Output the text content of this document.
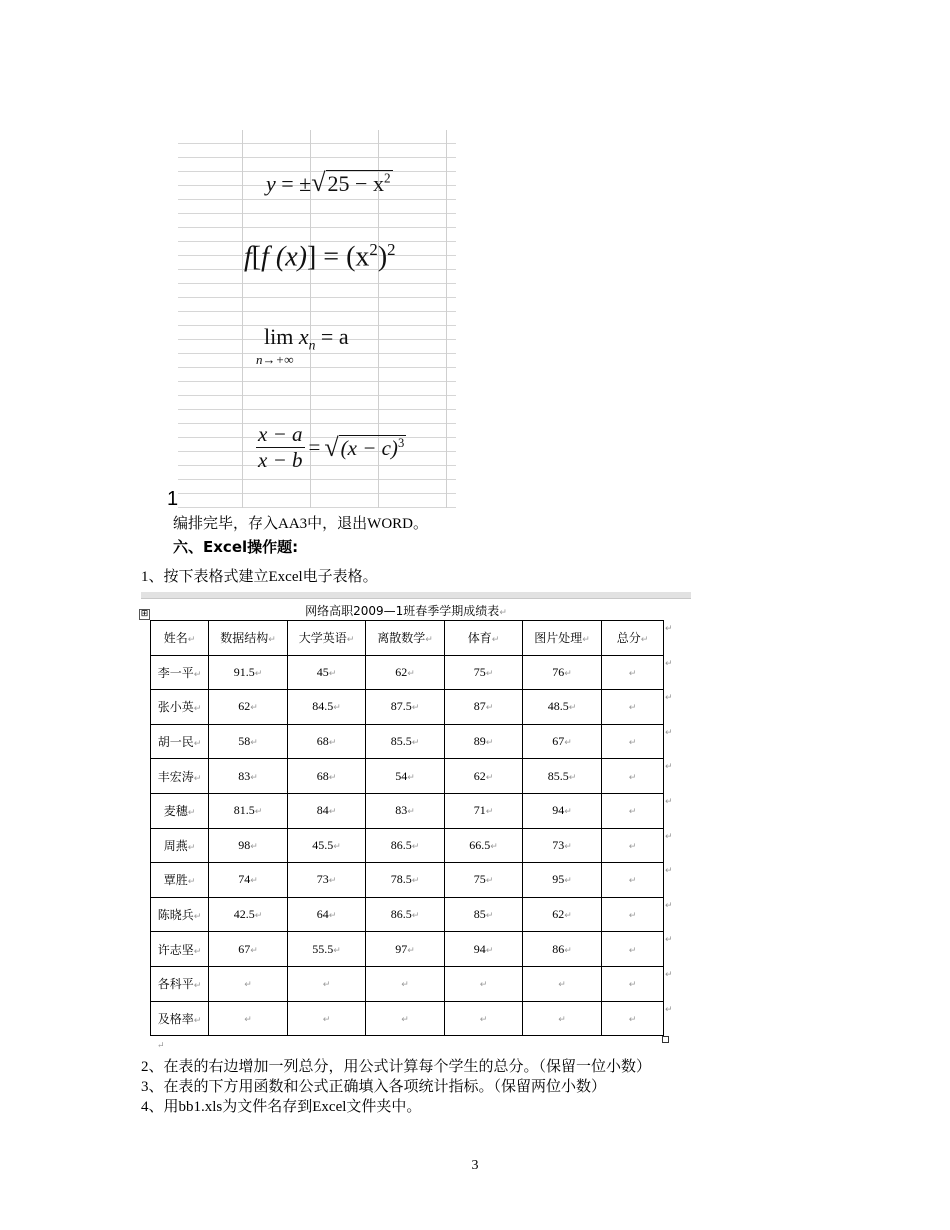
$y = \pm√25 - x^2$
f[f $(x)] = (x^2)^2$
$\lim x_n = a$
n→+∞
$\frac{x - a}{x - b}$ = √ $(x - c)^3$
1
编排完毕，存入AA3中，退出WORD。
六、Excel操作题:
1、按下表格式建立Excel电子表格。
⊞	网络高职2009—1班春季学期成绩表↵
姓名↵	数据结构↵	大学英语↵	离散数学↵	体育↵	图片处理↵	总分↵
李一平↵	91.5↵	45↵	62↵	75↵	76↵	↵
张小英↵	62↵	84.5↵	87.5↵	87↵	48.5↵	↵
胡一民↵	58↵	68↵	85.5↵	89↵	67↵	↵
丰宏涛↵	83↵	68↵	54↵	62↵	85.5↵	↵
麦穗↵	81.5↵	84↵	83↵	71↵	94↵	↵
周燕↵	98↵	45.5↵	86.5↵	66.5↵	73↵	↵
覃胜↵	74↵	73↵	78.5↵	75↵	95↵	↵
陈晓兵↵	42.5↵	64↵	86.5↵	85↵	62↵	↵
许志坚↵	67↵	55.5↵	97↵	94↵	86↵	↵
各科平↵	↵	↵	↵	↵	↵	↵
及格率↵	↵	↵	↵	↵	↵	↵
↵
↵
↵
↵
↵
↵
↵
↵
↵
↵
↵
↵
↵
2、在表的右边增加一列总分，用公式计算每个学生的总分。（保留一位小数）
3、在表的下方用函数和公式正确填入各项统计指标。（保留两位小数）
4、用bb1.xls为文件名存到Excel文件夹中。
3
